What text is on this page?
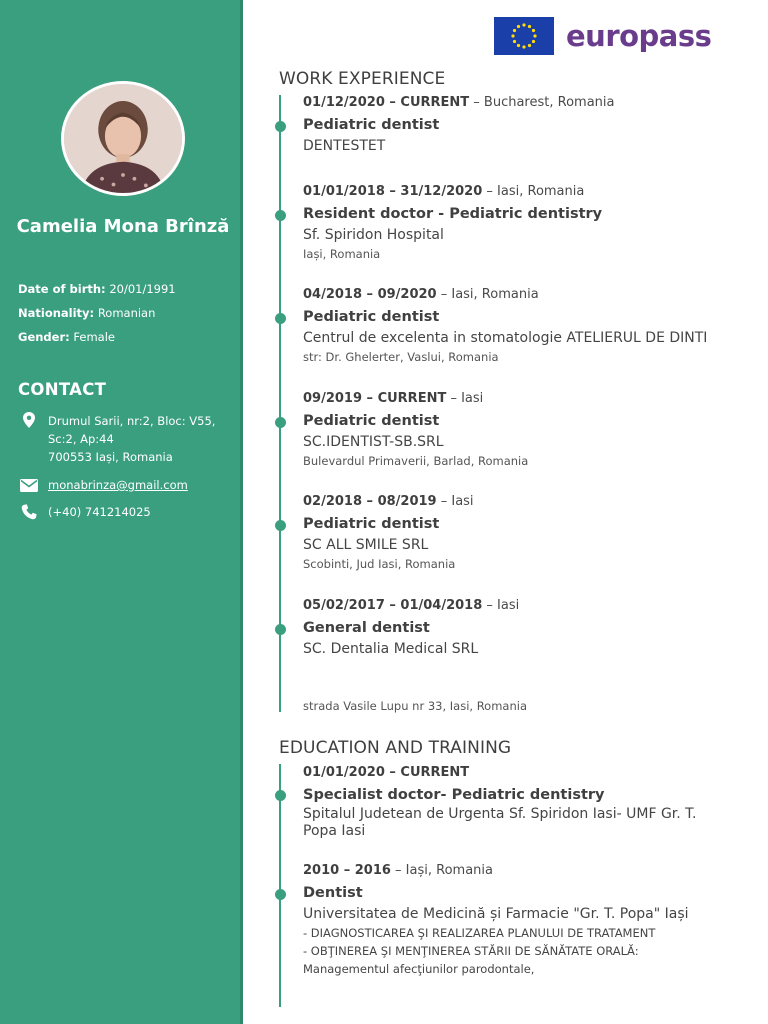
Camelia Mona Brînză
Date of birth: 20/01/1991
Nationality: Romanian
Gender: Female
CONTACT
Drumul Sarii, nr:2, Bloc: V55,
Sc:2, Ap:44
700553 Iași, Romania
monabrinza@gmail.com
(+40) 741214025
europass
WORK EXPERIENCE
01/12/2020 – CURRENT – Bucharest, Romania
Pediatric dentist
DENTESTET
01/01/2018 – 31/12/2020 – Iasi, Romania
Resident doctor - Pediatric dentistry
Sf. Spiridon Hospital
Iași, Romania
04/2018 – 09/2020 – Iasi, Romania
Pediatric dentist
Centrul de excelenta in stomatologie ATELIERUL DE DINTI
str: Dr. Ghelerter, Vaslui, Romania
09/2019 – CURRENT – Iasi
Pediatric dentist
SC.IDENTIST-SB.SRL
Bulevardul Primaverii, Barlad, Romania
02/2018 – 08/2019 – Iasi
Pediatric dentist
SC ALL SMILE SRL
Scobinti, Jud Iasi, Romania
05/02/2017 – 01/04/2018 – Iasi
General dentist
SC. Dentalia Medical SRL
strada Vasile Lupu nr 33, Iasi, Romania
EDUCATION AND TRAINING
01/01/2020 – CURRENT
Specialist doctor- Pediatric dentistry
Spitalul Judetean de Urgenta Sf. Spiridon Iasi- UMF Gr. T. Popa Iasi
2010 – 2016 – Iași, Romania
Dentist
Universitatea de Medicină și Farmacie "Gr. T. Popa" Iași
- DIAGNOSTICAREA ŞI REALIZAREA PLANULUI DE TRATAMENT
- OBŢINEREA ŞI MENŢINEREA STĂRII DE SĂNĂTATE ORALĂ:
Managementul afecţiunilor parodontale,
